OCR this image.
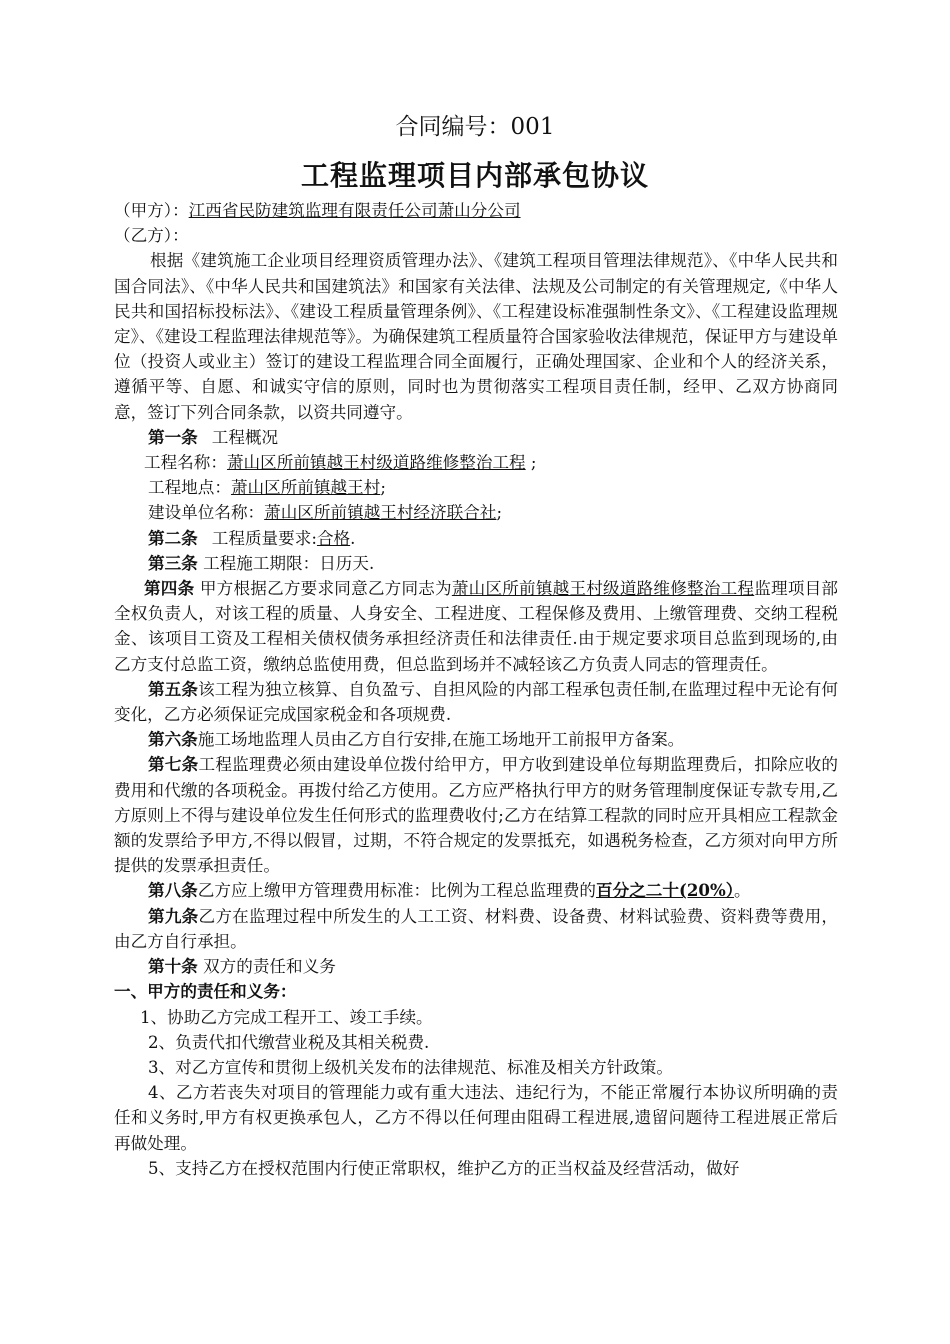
合同编号：001
工程监理项目内部承包协议

（甲方）：江西省民防建筑监理有限责任公司萧山分公司

（乙方）：

根据《建筑施工企业项目经理资质管理办法》、《建筑工程项目管理法律规范》、《中华人民共和国合同法》、《中华人民共和国建筑法》和国家有关法律、法规及公司制定的有关管理规定,《中华人民共和国招标投标法》、《建设工程质量管理条例》、《工程建设标准强制性条文》、《工程建设监理规定》、《建设工程监理法律规范等》。为确保建筑工程质量符合国家验收法律规范，保证甲方与建设单位（投资人或业主）签订的建设工程监理合同全面履行，正确处理国家、企业和个人的经济关系，遵循平等、自愿、和诚实守信的原则，同时也为贯彻落实工程项目责任制，经甲、乙双方协商同意，签订下列合同条款，以资共同遵守。

第一条 工程概况

工程名称：萧山区所前镇越王村级道路维修整治工程 ;

工程地点：萧山区所前镇越王村;

建设单位名称：萧山区所前镇越王村经济联合社;

第二条 工程质量要求:合格.

第三条 工程施工期限：日历天.

第四条 甲方根据乙方要求同意乙方同志为萧山区所前镇越王村级道路维修整治工程监理项目部全权负责人，对该工程的质量、人身安全、工程进度、工程保修及费用、上缴管理费、交纳工程税金、该项目工资及工程相关债权债务承担经济责任和法律责任.由于规定要求项目总监到现场的,由乙方支付总监工资，缴纳总监使用费，但总监到场并不减轻该乙方负责人同志的管理责任。

第五条该工程为独立核算、自负盈亏、自担风险的内部工程承包责任制,在监理过程中无论有何变化，乙方必须保证完成国家税金和各项规费.

第六条施工场地监理人员由乙方自行安排,在施工场地开工前报甲方备案。

第七条工程监理费必须由建设单位拨付给甲方，甲方收到建设单位每期监理费后，扣除应收的费用和代缴的各项税金。再拨付给乙方使用。乙方应严格执行甲方的财务管理制度保证专款专用,乙方原则上不得与建设单位发生任何形式的监理费收付;乙方在结算工程款的同时应开具相应工程款金额的发票给予甲方,不得以假冒，过期，不符合规定的发票抵充，如遇税务检查，乙方须对向甲方所提供的发票承担责任。

第八条乙方应上缴甲方管理费用标准：比例为工程总监理费的百分之二十(20%）。

第九条乙方在监理过程中所发生的人工工资、材料费、设备费、材料试验费、资料费等费用，由乙方自行承担。

第十条 双方的责任和义务

一、甲方的责任和义务：

1、协助乙方完成工程开工、竣工手续。

2、负责代扣代缴营业税及其相关税费.

3、对乙方宣传和贯彻上级机关发布的法律规范、标准及相关方针政策。

4、乙方若丧失对项目的管理能力或有重大违法、违纪行为，不能正常履行本协议所明确的责任和义务时,甲方有权更换承包人，乙方不得以任何理由阻碍工程进展,遗留问题待工程进展正常后再做处理。

5、支持乙方在授权范围内行使正常职权，维护乙方的正当权益及经营活动，做好
